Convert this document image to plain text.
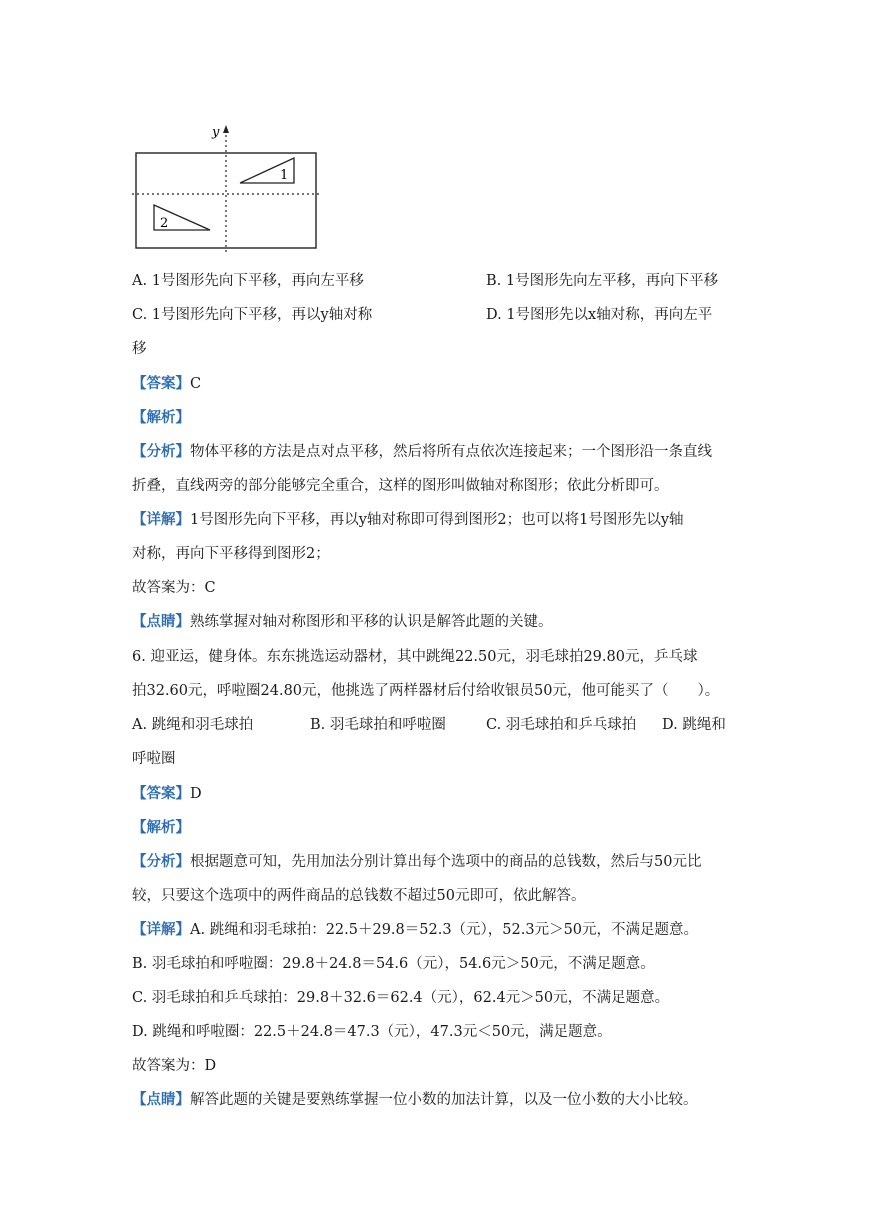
y
1
2
A. 1号图形先向下平移，再向左平移	B. 1号图形先向左平移，再向下平移
C. 1号图形先向下平移，再以y轴对称	D. 1号图形先以x轴对称，再向左平
移
【答案】C
【解析】
【分析】物体平移的方法是点对点平移，然后将所有点依次连接起来；一个图形沿一条直线
折叠，直线两旁的部分能够完全重合，这样的图形叫做轴对称图形；依此分析即可。
【详解】1号图形先向下平移，再以y轴对称即可得到图形2；也可以将1号图形先以y轴
对称，再向下平移得到图形2；
故答案为：C
【点睛】熟练掌握对轴对称图形和平移的认识是解答此题的关键。
6. 迎亚运，健身体。东东挑选运动器材，其中跳绳22.50元，羽毛球拍29.80元，乒乓球
拍32.60元，呼啦圈24.80元，他挑选了两样器材后付给收银员50元，他可能买了（　　）。
A. 跳绳和羽毛球拍	B. 羽毛球拍和呼啦圈	C. 羽毛球拍和乒乓球拍 D. 跳绳和
呼啦圈
【答案】D
【解析】
【分析】根据题意可知，先用加法分别计算出每个选项中的商品的总钱数，然后与50元比
较，只要这个选项中的两件商品的总钱数不超过50元即可，依此解答。
【详解】A. 跳绳和羽毛球拍：22.5＋29.8＝52.3（元），52.3元＞50元，不满足题意。
B. 羽毛球拍和呼啦圈：29.8＋24.8＝54.6（元），54.6元＞50元，不满足题意。
C. 羽毛球拍和乒乓球拍：29.8＋32.6＝62.4（元），62.4元＞50元，不满足题意。
D. 跳绳和呼啦圈：22.5＋24.8＝47.3（元），47.3元＜50元，满足题意。
故答案为：D
【点睛】解答此题的关键是要熟练掌握一位小数的加法计算，以及一位小数的大小比较。
